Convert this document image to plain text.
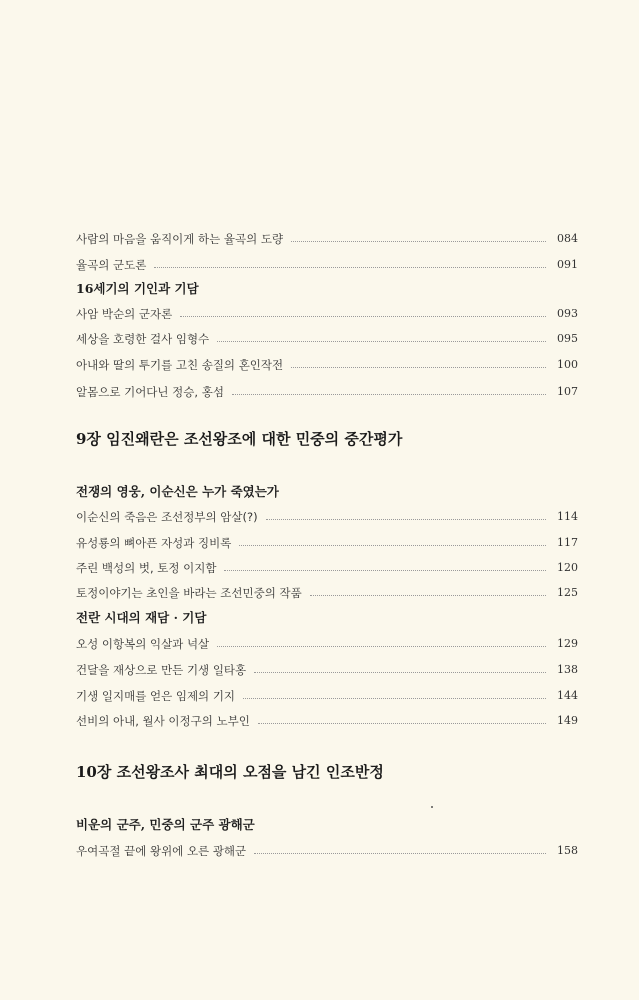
사람의 마음을 움직이게 하는 율곡의 도량	084
율곡의 군도론	091
16세기의 기인과 기담
사암 박순의 군자론	093
세상을 호령한 걸사 임형수	095
아내와 딸의 투기를 고친 송질의 혼인작전	100
알몸으로 기어다닌 정승, 홍섬	107
9장 임진왜란은 조선왕조에 대한 민중의 중간평가
전쟁의 영웅, 이순신은 누가 죽였는가
이순신의 죽음은 조선정부의 암살(?)	114
유성룡의 뼈아픈 자성과 징비록	117
주린 백성의 벗, 토정 이지함	120
토정이야기는 초인을 바라는 조선민중의 작품	125
전란 시대의 재담 · 기담
오성 이항복의 익살과 넉살	129
건달을 재상으로 만든 기생 일타홍	138
기생 일지매를 얻은 임제의 기지	144
선비의 아내, 월사 이정구의 노부인	149
10장 조선왕조사 최대의 오점을 남긴 인조반정
비운의 군주, 민중의 군주 광해군
우여곡절 끝에 왕위에 오른 광해군	158
